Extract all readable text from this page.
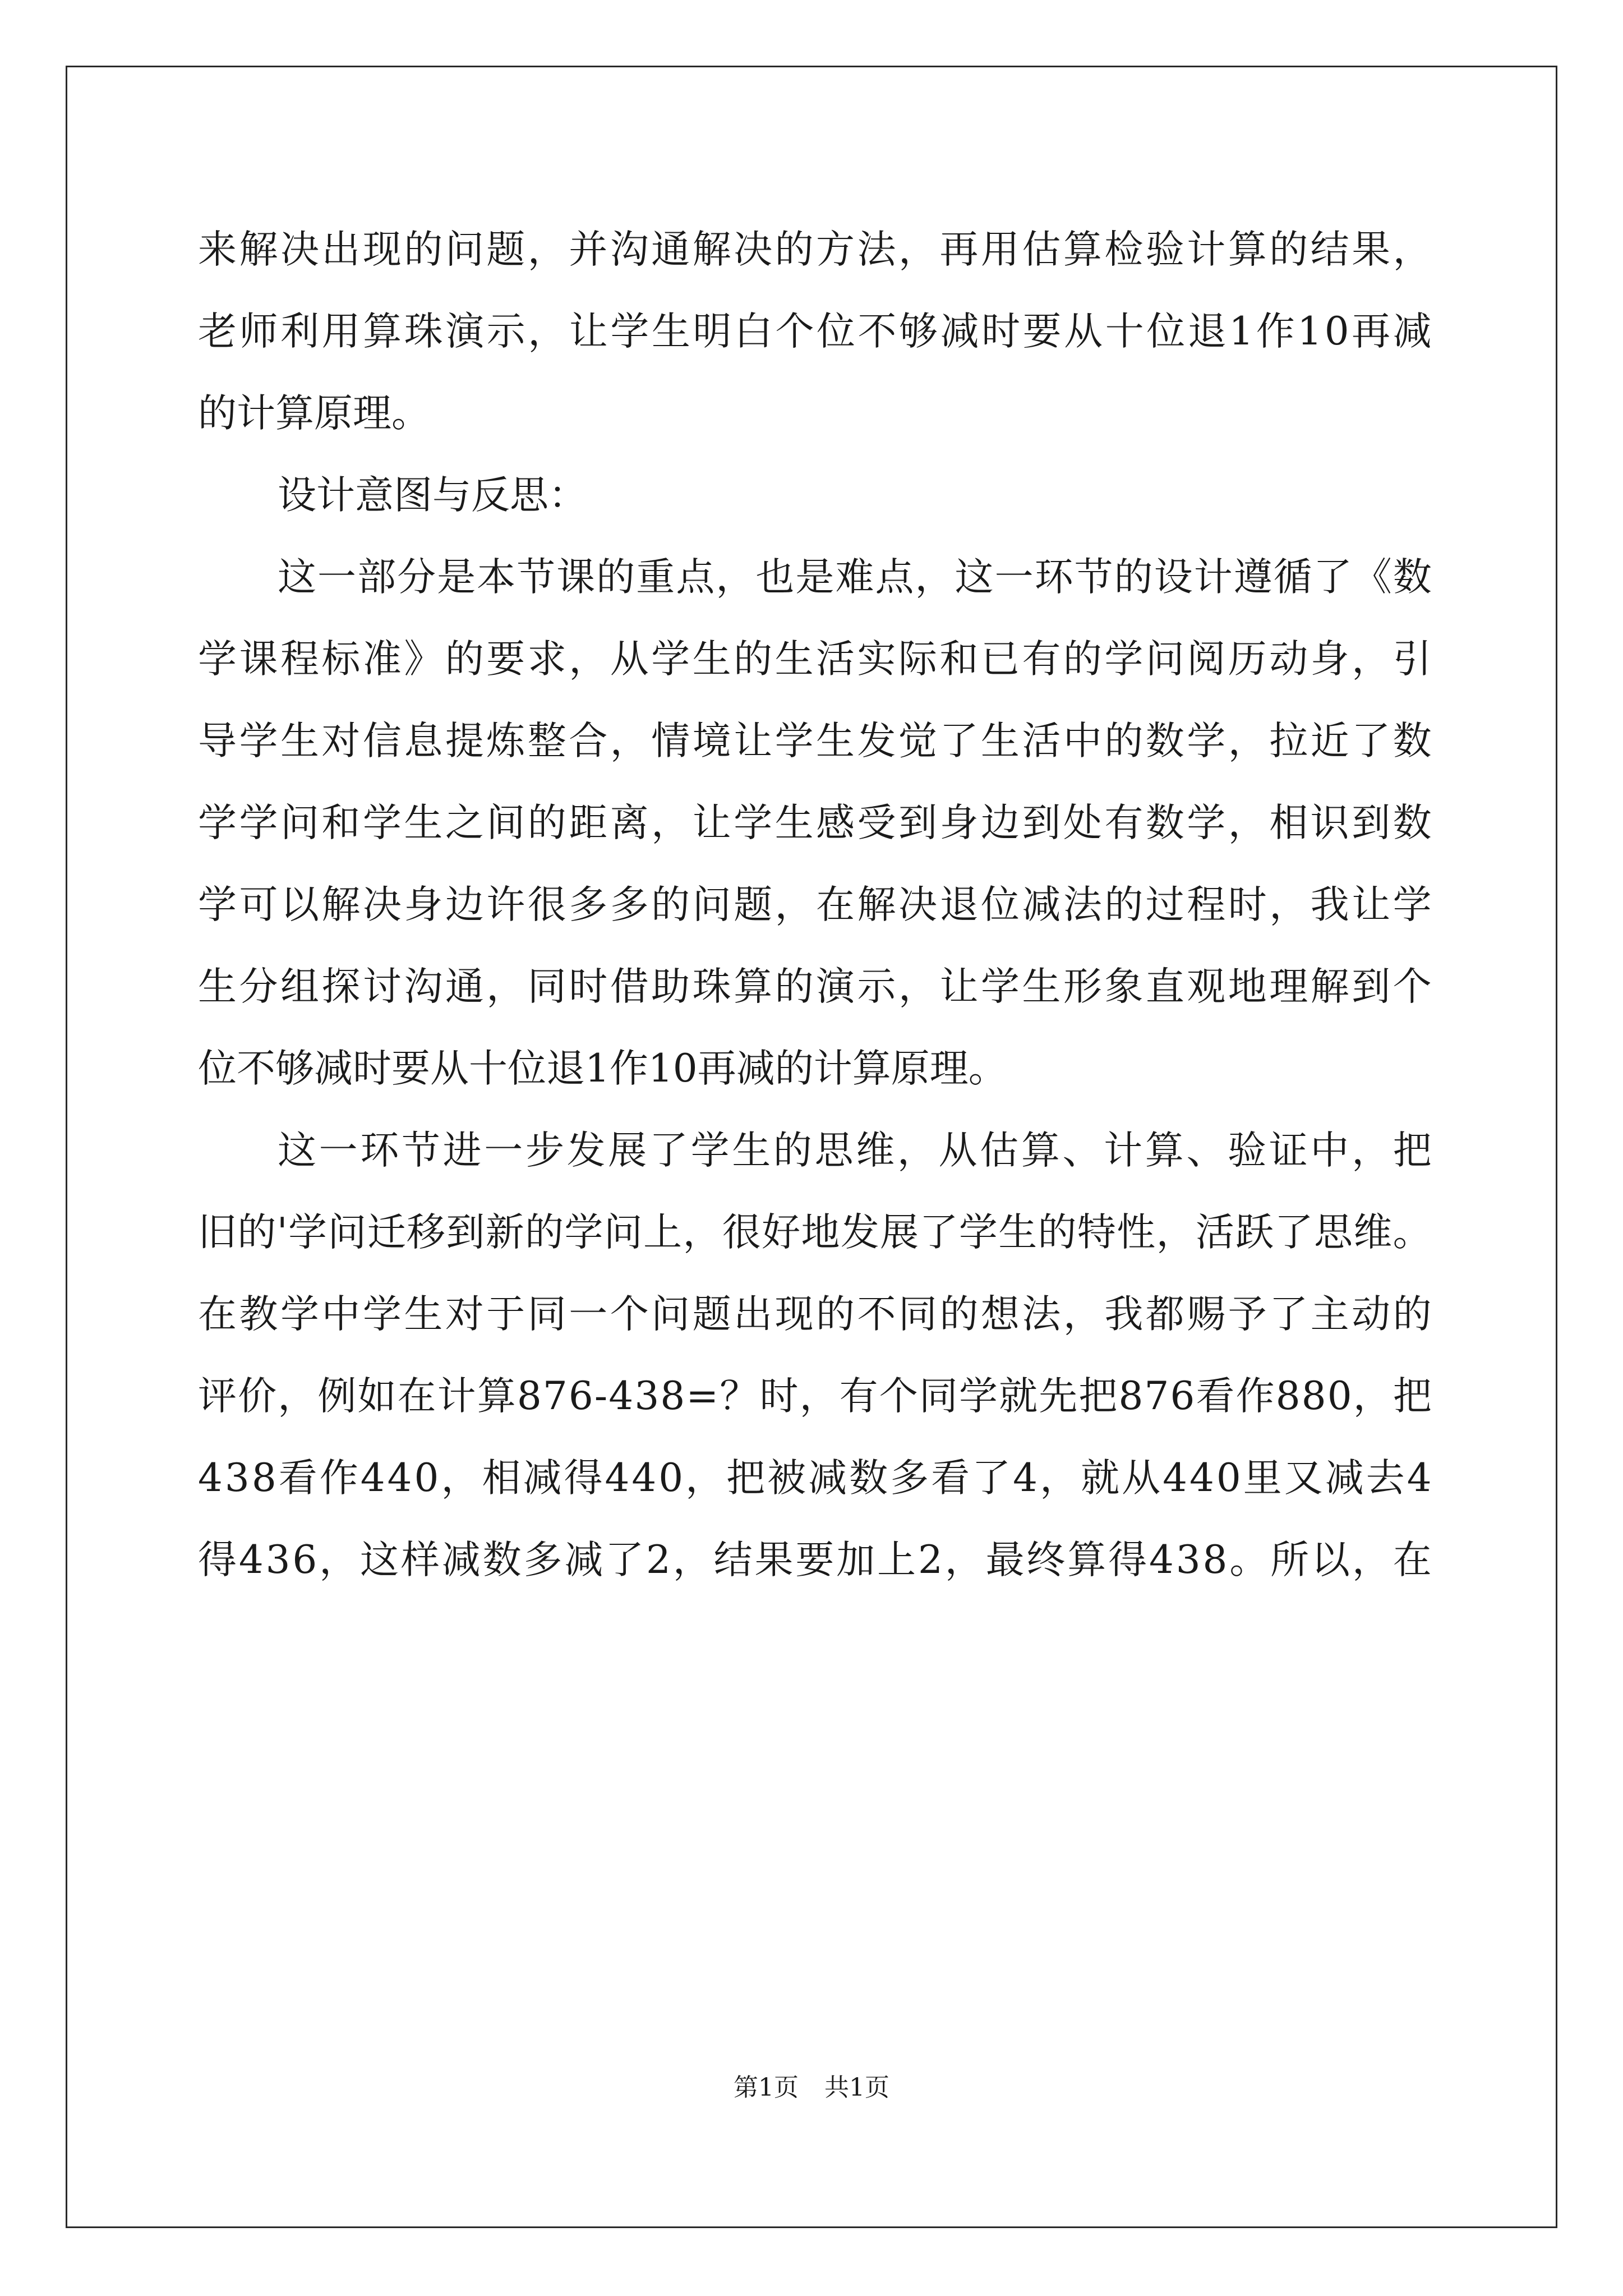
来 解 决 出 现 的 问 题 ， 并 沟 通 解 决 的 方 法 ， 再 用 估 算 检 验 计 算 的 结 果 ，
老 师 利 用 算 珠 演 示 ， 让 学 生 明 白 个 位 不 够 减 时 要 从 十 位 退 1 作 1 0 再 减
的计算原理。
设计意图与反思：
这 一 部 分 是 本 节 课 的 重 点 ， 也 是 难 点 ， 这 一 环 节 的 设 计 遵 循 了 《 数
学 课 程 标 准 》 的 要 求 ， 从 学 生 的 生 活 实 际 和 已 有 的 学 问 阅 历 动 身 ， 引
导 学 生 对 信 息 提 炼 整 合 ， 情 境 让 学 生 发 觉 了 生 活 中 的 数 学 ， 拉 近 了 数
学 学 问 和 学 生 之 间 的 距 离 ， 让 学 生 感 受 到 身 边 到 处 有 数 学 ， 相 识 到 数
学 可 以 解 决 身 边 许 很 多 多 的 问 题 ， 在 解 决 退 位 减 法 的 过 程 时 ， 我 让 学
生 分 组 探 讨 沟 通 ， 同 时 借 助 珠 算 的 演 示 ， 让 学 生 形 象 直 观 地 理 解 到 个
位不够减时要从十位退1作10再减的计算原理。
这 一 环 节 进 一 步 发 展 了 学 生 的 思 维 ， 从 估 算 、 计 算 、 验 证 中 ， 把
旧 的 ' 学 问 迁 移 到 新 的 学 问 上 ， 很 好 地 发 展 了 学 生 的 特 性 ， 活 跃 了 思 维 。
在 教 学 中 学 生 对 于 同 一 个 问 题 出 现 的 不 同 的 想 法 ， 我 都 赐 予 了 主 动 的
评 价 ， 例 如 在 计 算 8 7 6 - 4 3 8 = ？ 时 ， 有 个 同 学 就 先 把 8 7 6 看 作 8 8 0 ， 把
4 3 8 看 作 4 4 0 ， 相 减 得 4 4 0 ， 把 被 减 数 多 看 了 4 ， 就 从 4 4 0 里 又 减 去 4
得 4 3 6 ， 这 样 减 数 多 减 了 2 ， 结 果 要 加 上 2 ， 最 终 算 得 4 3 8 。 所 以 ， 在
第1页 共1页
